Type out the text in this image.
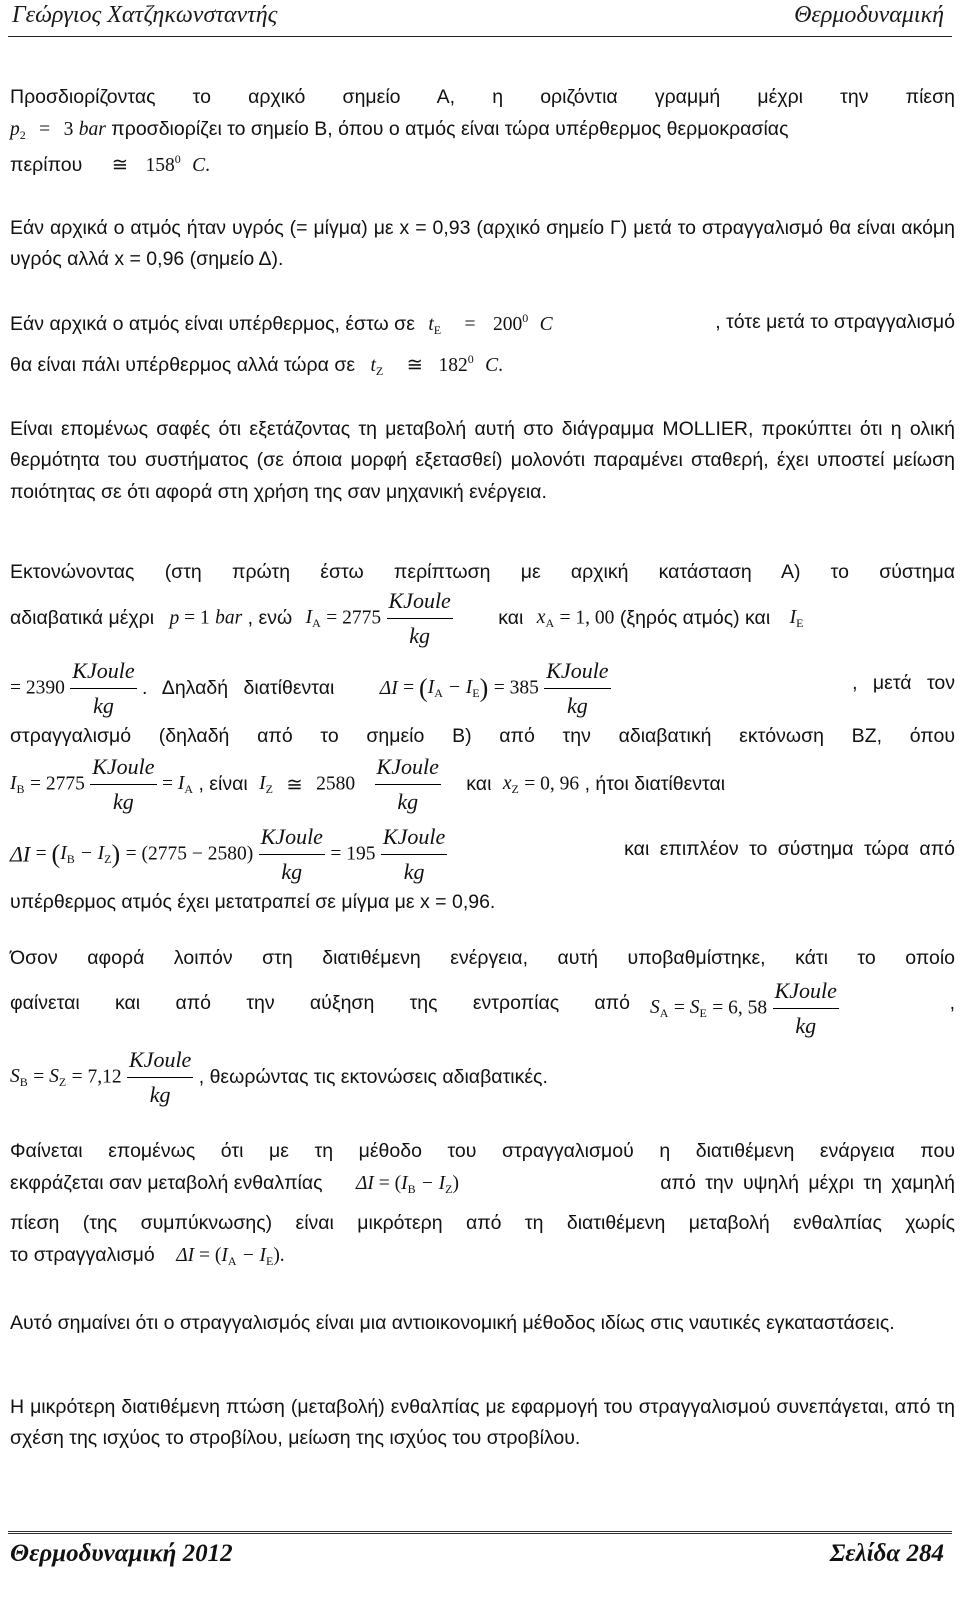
Γεώργιος Χατζηκωνσταντής	Θερμοδυναμική
Προσδιορίζοντας το αρχικό σημείο Α, η οριζόντια γραμμή μέχρι την πίεση
$p_2 = 3$ bar προσδιορίζει το σημείο Β, όπου ο ατμός είναι τώρα υπέρθερμος θερμοκρασίας
περίπου ≅ $158^0$ C.
Εάν αρχικά ο ατμός ήταν υγρός (= μίγμα) με x = 0,93 (αρχικό σημείο Γ) μετά το στραγγαλισμό θα είναι ακόμη υγρός αλλά x = 0,96 (σημείο Δ).
Εάν αρχικά ο ατμός είναι υπέρθερμος, έστω σε $t_E = 200^0$ C	, τότε μετά το στραγγαλισμό
θα είναι πάλι υπέρθερμος αλλά τώρα σε $t_Z$ ≅ $182^0$ C.
Είναι επομένως σαφές ότι εξετάζοντας τη μεταβολή αυτή στο διάγραμμα MOLLIER, προκύπτει ότι η ολική θερμότητα του συστήματος (σε όποια μορφή εξετασθεί) μολονότι παραμένει σταθερή, έχει υποστεί μείωση ποιότητας σε ότι αφορά στη χρήση της σαν μηχανική ενέργεια.
Εκτονώνοντας (στη πρώτη έστω περίπτωση με αρχική κατάσταση Α) το σύστημα
αδιαβατικά μέχρι p = 1 bar , ενώ $I_A = 2775 \frac{\text{KJoule}}{kg}$ και $x_A = 1$, 00 (ξηρός ατμός) και $I_E$
= $2390 \frac{\text{KJoule}}{kg}$ . Δηλαδή διατίθενται $\Delta I = (I_A - I_E) = 385 \frac{\text{KJoule}}{kg}$	, μετά τον
στραγγαλισμό (δηλαδή από το σημείο Β) από την αδιαβατική εκτόνωση ΒΖ, όπου
$I_B = 2775 \frac{\text{KJoule}}{kg} = I_A$ , είναι $I_Z$ ≅ $2580 \frac{\text{KJoule}}{kg}$ και $x_Z = 0$, 96 , ήτοι διατίθενται
$\Delta I = (I_B - I_Z) = (2775 - 2580) \frac{\text{KJoule}}{kg} = 195 \frac{\text{KJoule}}{kg}$	και επιπλέον το σύστημα τώρα από
υπέρθερμος ατμός έχει μετατραπεί σε μίγμα με x = 0,96.
Όσον αφορά λοιπόν στη διατιθέμενη ενέργεια, αυτή υποβαθμίστηκε, κάτι το οποίο
φαίνεται και από την αύξηση της εντροπίας από $S_A = S_E = 6$, $58 \frac{\text{KJoule}}{kg}$	,
$S_B = S_Z = 7,12 \frac{\text{KJoule}}{kg}$ , θεωρώντας τις εκτονώσεις αδιαβατικές.
Φαίνεται επομένως ότι με τη μέθοδο του στραγγαλισμού η διατιθέμενη ενάργεια που
εκφράζεται σαν μεταβολή ενθαλπίας $\Delta I = (I_B - I_Z)$	από την υψηλή μέχρι τη χαμηλή
πίεση (της συμπύκνωσης) είναι μικρότερη από τη διατιθέμενη μεταβολή ενθαλπίας χωρίς
το στραγγαλισμό $\Delta I = (I_A - I_E)$.
Αυτό σημαίνει ότι ο στραγγαλισμός είναι μια αντιοικονομική μέθοδος ιδίως στις ναυτικές εγκαταστάσεις.
Η μικρότερη διατιθέμενη πτώση (μεταβολή) ενθαλπίας με εφαρμογή του στραγγαλισμού συνεπάγεται, από τη σχέση της ισχύος το στροβίλου, μείωση της ισχύος του στροβίλου.
Θερμοδυναμική 2012	Σελίδα 284
